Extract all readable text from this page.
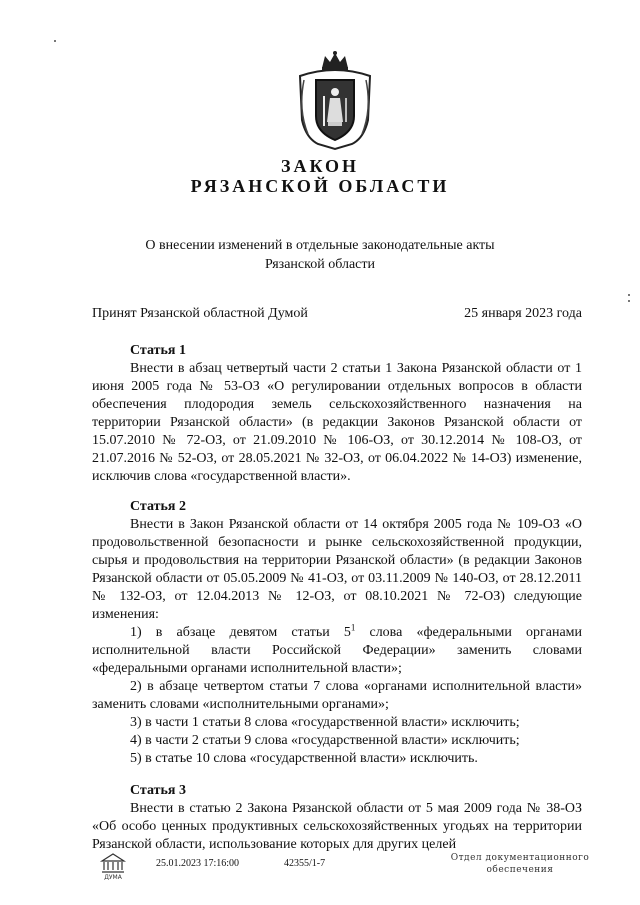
ЗАКОН
РЯЗАНСКОЙ ОБЛАСТИ
О внесении изменений в отдельные законодательные акты
Рязанской области
Принят Рязанской областной Думой	25 января 2023 года
Статья 1
Внести в абзац четвертый части 2 статьи 1 Закона Рязанской области от 1 июня 2005 года № 53-ОЗ «О регулировании отдельных вопросов в области обеспечения плодородия земель сельскохозяйственного назначения на территории Рязанской области» (в редакции Законов Рязанской области от 15.07.2010 № 72-ОЗ, от 21.09.2010 № 106-ОЗ, от 30.12.2014 № 108-ОЗ, от 21.07.2016 № 52-ОЗ, от 28.05.2021 № 32-ОЗ, от 06.04.2022 № 14-ОЗ) изменение, исключив слова «государственной власти».
Статья 2
Внести в Закон Рязанской области от 14 октября 2005 года № 109-ОЗ «О продовольственной безопасности и рынке сельскохозяйственной продукции, сырья и продовольствия на территории Рязанской области» (в редакции Законов Рязанской области от 05.05.2009 № 41-ОЗ, от 03.11.2009 № 140-ОЗ, от 28.12.2011 № 132-ОЗ, от 12.04.2013 № 12-ОЗ, от 08.10.2021 № 72-ОЗ) следующие изменения:
1) в абзаце девятом статьи $5^1$ слова «федеральными органами исполнительной власти Российской Федерации» заменить словами «федеральными органами исполнительной власти»;
2) в абзаце четвертом статьи 7 слова «органами исполнительной власти» заменить словами «исполнительными органами»;
3) в части 1 статьи 8 слова «государственной власти» исключить;
4) в части 2 статьи 9 слова «государственной власти» исключить;
5) в статье 10 слова «государственной власти» исключить.
Статья 3
Внести в статью 2 Закона Рязанской области от 5 мая 2009 года № 38-ОЗ «Об особо ценных продуктивных сельскохозяйственных угодьях на территории Рязанской области, использование которых для других целей
ДУМА
25.01.2023 17:16:00	42355/1-7	Отдел документационного
обеспечения
